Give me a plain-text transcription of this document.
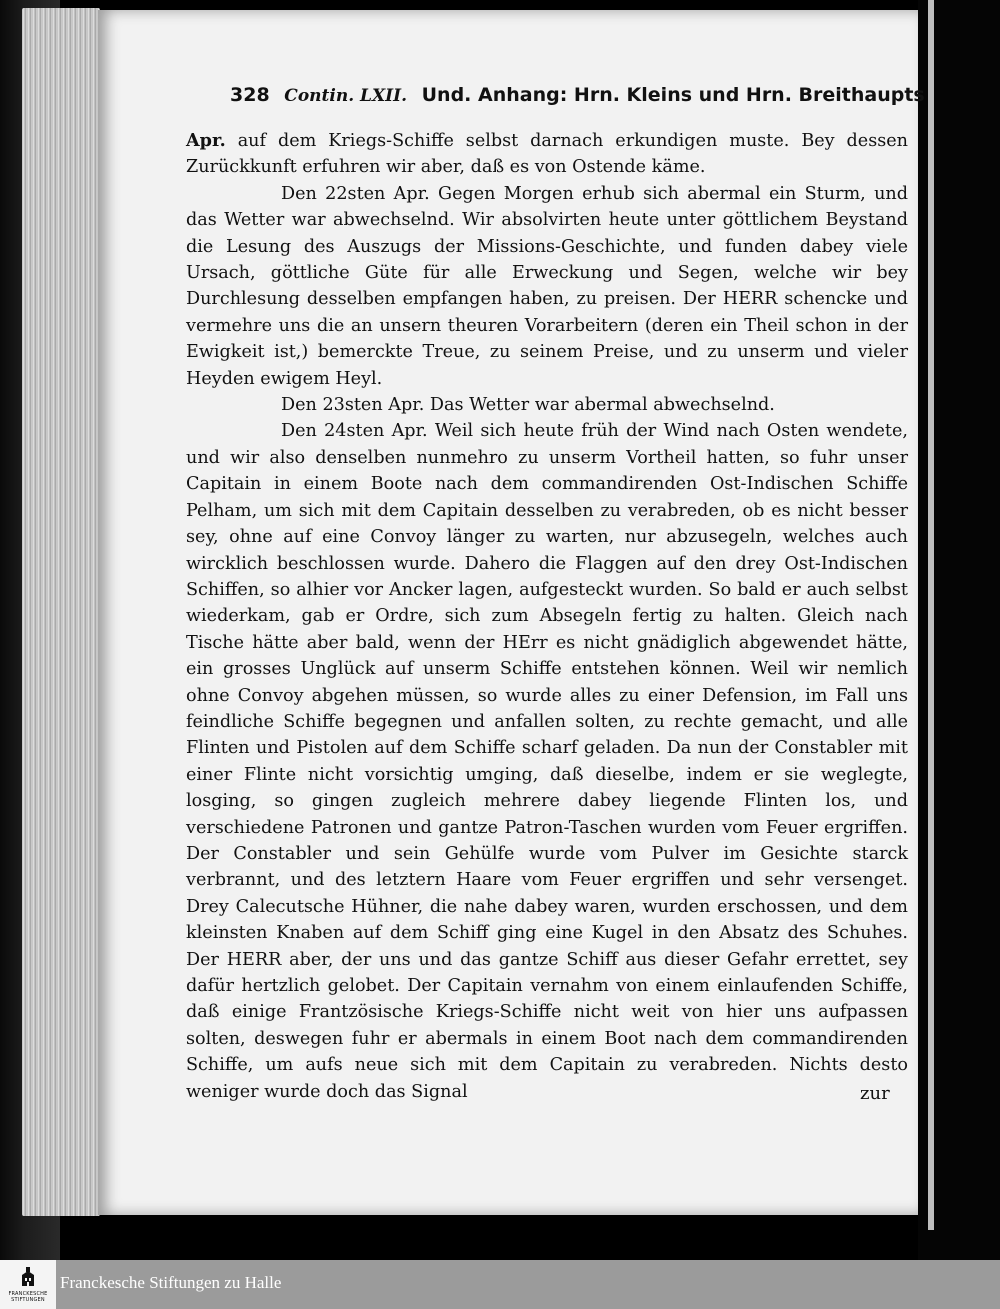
328 Contin. LXII. Und. Anhang: Hrn. Kleins und Hrn. Breithaupts

Apr. auf dem Kriegs-Schiffe selbst darnach erkundigen muste. Bey dessen Zurückkunft erfuhren wir aber, daß es von Ostende käme.

Den 22sten Apr. Gegen Morgen erhub sich abermal ein Sturm, und das Wetter war abwechselnd. Wir absolvirten heute unter göttlichem Beystand die Lesung des Auszugs der Missions-Geschichte, und funden dabey viele Ursach, göttliche Güte für alle Erweckung und Segen, welche wir bey Durchlesung desselben empfangen haben, zu preisen. Der HERR schencke und vermehre uns die an unsern theuren Vorarbeitern (deren ein Theil schon in der Ewigkeit ist,) bemerckte Treue, zu seinem Preise, und zu unserm und vieler Heyden ewigem Heyl.

Den 23sten Apr. Das Wetter war abermal abwechselnd.

Den 24sten Apr. Weil sich heute früh der Wind nach Osten wendete, und wir also denselben nunmehro zu unserm Vortheil hatten, so fuhr unser Capitain in einem Boote nach dem commandirenden Ost-Indischen Schiffe Pelham, um sich mit dem Capitain desselben zu verabreden, ob es nicht besser sey, ohne auf eine Convoy länger zu warten, nur abzusegeln, welches auch wircklich beschlossen wurde. Dahero die Flaggen auf den drey Ost-Indischen Schiffen, so alhier vor Ancker lagen, aufgesteckt wurden. So bald er auch selbst wiederkam, gab er Ordre, sich zum Absegeln fertig zu halten. Gleich nach Tische hätte aber bald, wenn der HErr es nicht gnädiglich abgewendet hätte, ein grosses Unglück auf unserm Schiffe entstehen können. Weil wir nemlich ohne Convoy abgehen müssen, so wurde alles zu einer Defension, im Fall uns feindliche Schiffe begegnen und anfallen solten, zu rechte gemacht, und alle Flinten und Pistolen auf dem Schiffe scharf geladen. Da nun der Constabler mit einer Flinte nicht vorsichtig umging, daß dieselbe, indem er sie weglegte, losging, so gingen zugleich mehrere dabey liegende Flinten los, und verschiedene Patronen und gantze Patron-Taschen wurden vom Feuer ergriffen. Der Constabler und sein Gehülfe wurde vom Pulver im Gesichte starck verbrannt, und des letztern Haare vom Feuer ergriffen und sehr versenget. Drey Calecutsche Hühner, die nahe dabey waren, wurden erschossen, und dem kleinsten Knaben auf dem Schiff ging eine Kugel in den Absatz des Schuhes. Der HERR aber, der uns und das gantze Schiff aus dieser Gefahr errettet, sey dafür hertzlich gelobet. Der Capitain vernahm von einem einlaufenden Schiffe, daß einige Frantzösische Kriegs-Schiffe nicht weit von hier uns aufpassen solten, deswegen fuhr er abermals in einem Boot nach dem commandirenden Schiffe, um aufs neue sich mit dem Capitain zu verabreden. Nichts desto weniger wurde doch das Signal	zur
FRANCKESCHE STIFTUNGEN
Franckesche Stiftungen zu Halle
